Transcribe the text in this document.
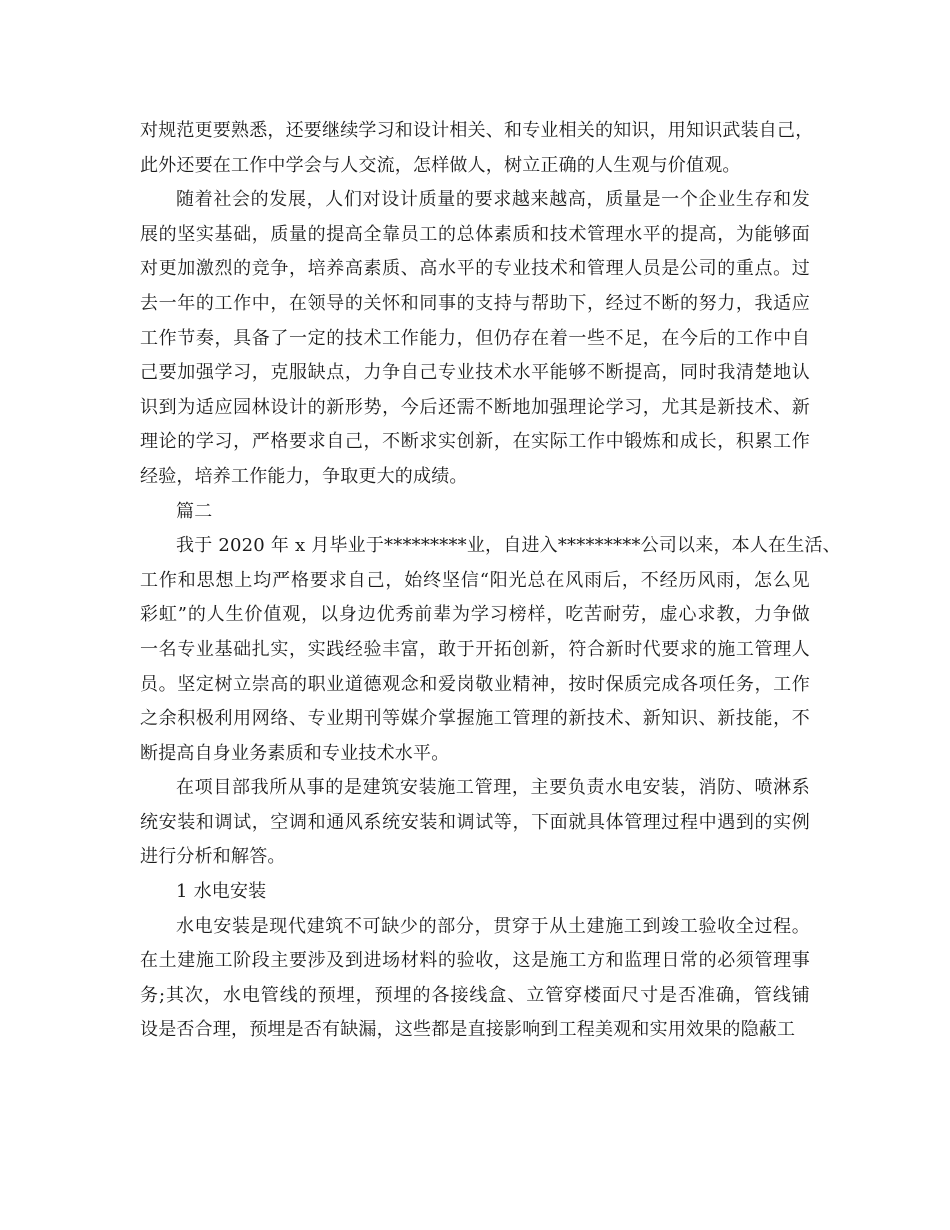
对规范更要熟悉，还要继续学习和设计相关、和专业相关的知识，用知识武装自己，
此外还要在工作中学会与人交流，怎样做人，树立正确的人生观与价值观。
随着社会的发展，人们对设计质量的要求越来越高，质量是一个企业生存和发
展的坚实基础，质量的提高全靠员工的总体素质和技术管理水平的提高，为能够面
对更加激烈的竞争，培养高素质、高水平的专业技术和管理人员是公司的重点。过
去一年的工作中，在领导的关怀和同事的支持与帮助下，经过不断的努力，我适应
工作节奏，具备了一定的技术工作能力，但仍存在着一些不足，在今后的工作中自
己要加强学习，克服缺点，力争自己专业技术水平能够不断提高，同时我清楚地认
识到为适应园林设计的新形势，今后还需不断地加强理论学习，尤其是新技术、新
理论的学习，严格要求自己，不断求实创新，在实际工作中锻炼和成长，积累工作
经验，培养工作能力，争取更大的成绩。
篇二
我于 2020 年 x 月毕业于*********业，自进入*********公司以来，本人在生活、
工作和思想上均严格要求自己，始终坚信“阳光总在风雨后，不经历风雨，怎么见
彩虹”的人生价值观，以身边优秀前辈为学习榜样，吃苦耐劳，虚心求教，力争做
一名专业基础扎实，实践经验丰富，敢于开拓创新，符合新时代要求的施工管理人
员。坚定树立崇高的职业道德观念和爱岗敬业精神，按时保质完成各项任务，工作
之余积极利用网络、专业期刊等媒介掌握施工管理的新技术、新知识、新技能，不
断提高自身业务素质和专业技术水平。
在项目部我所从事的是建筑安装施工管理，主要负责水电安装，消防、喷淋系
统安装和调试，空调和通风系统安装和调试等，下面就具体管理过程中遇到的实例
进行分析和解答。
1 水电安装
水电安装是现代建筑不可缺少的部分，贯穿于从土建施工到竣工验收全过程。
在土建施工阶段主要涉及到进场材料的验收，这是施工方和监理日常的必须管理事
务;其次，水电管线的预埋，预埋的各接线盒、立管穿楼面尺寸是否准确，管线铺
设是否合理，预埋是否有缺漏，这些都是直接影响到工程美观和实用效果的隐蔽工
